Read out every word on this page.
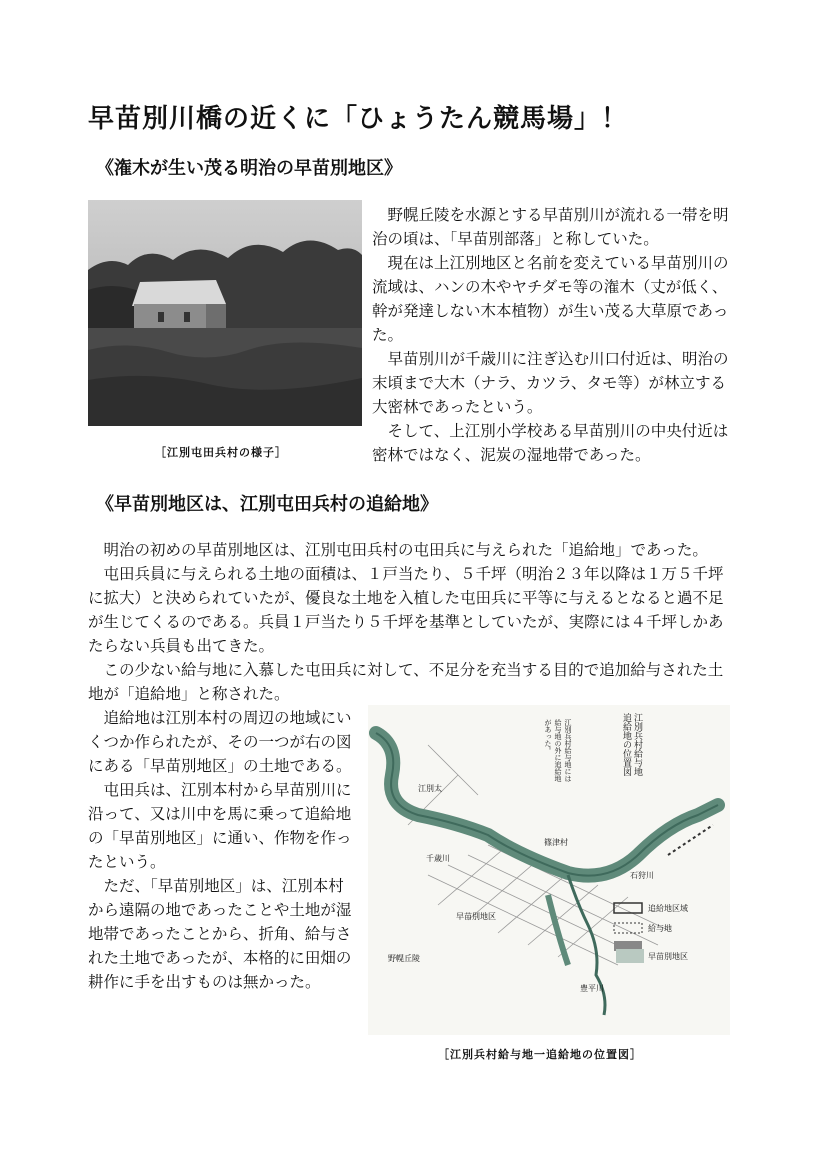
早苗別川橋の近くに「ひょうたん競馬場」！
《潅木が生い茂る明治の早苗別地区》
［江別屯田兵村の様子］

野幌丘陵を水源とする早苗別川が流れる一帯を明治の頃は、「早苗別部落」と称していた。

現在は上江別地区と名前を変えている早苗別川の流域は、ハンの木やヤチダモ等の潅木（丈が低く、幹が発達しない木本植物）が生い茂る大草原であった。

早苗別川が千歳川に注ぎ込む川口付近は、明治の末頃まで大木（ナラ、カツラ、タモ等）が林立する大密林であったという。

そして、上江別小学校ある早苗別川の中央付近は密林ではなく、泥炭の湿地帯であった。

《早苗別地区は、江別屯田兵村の追給地》

明治の初めの早苗別地区は、江別屯田兵村の屯田兵に与えられた「追給地」であった。

屯田兵員に与えられる土地の面積は、１戸当たり、５千坪（明治２３年以降は１万５千坪に拡大）と決められていたが、優良な土地を入植した屯田兵に平等に与えるとなると過不足が生じてくるのである。兵員１戸当たり５千坪を基準としていたが、実際には４千坪しかあたらない兵員も出てきた。

この少ない給与地に入慕した屯田兵に対して、不足分を充当する目的で追加給与された土地が「追給地」と称された。

追給地は江別本村の周辺の地域にいくつか作られたが、その一つが右の図にある「早苗別地区」の土地である。

屯田兵は、江別本村から早苗別川に沿って、又は川中を馬に乗って追給地の「早苗別地区」に通い、作物を作ったという。

ただ、「早苗別地区」は、江別本村から遠隔の地であったことや土地が湿地帯であったことから、折角、給与された土地であったが、本格的に田畑の耕作に手を出すものは無かった。

江別兵村給与地
追給地の位置図
江別兵村給与地には
給与地の外に追給地
があった。
江別太
篠津村
石狩川
千歳川
野幌丘陵
早苗別地区
豊平川
追給地区域
給与地
早苗別地区
［江別兵村給与地一追給地の位置図］
